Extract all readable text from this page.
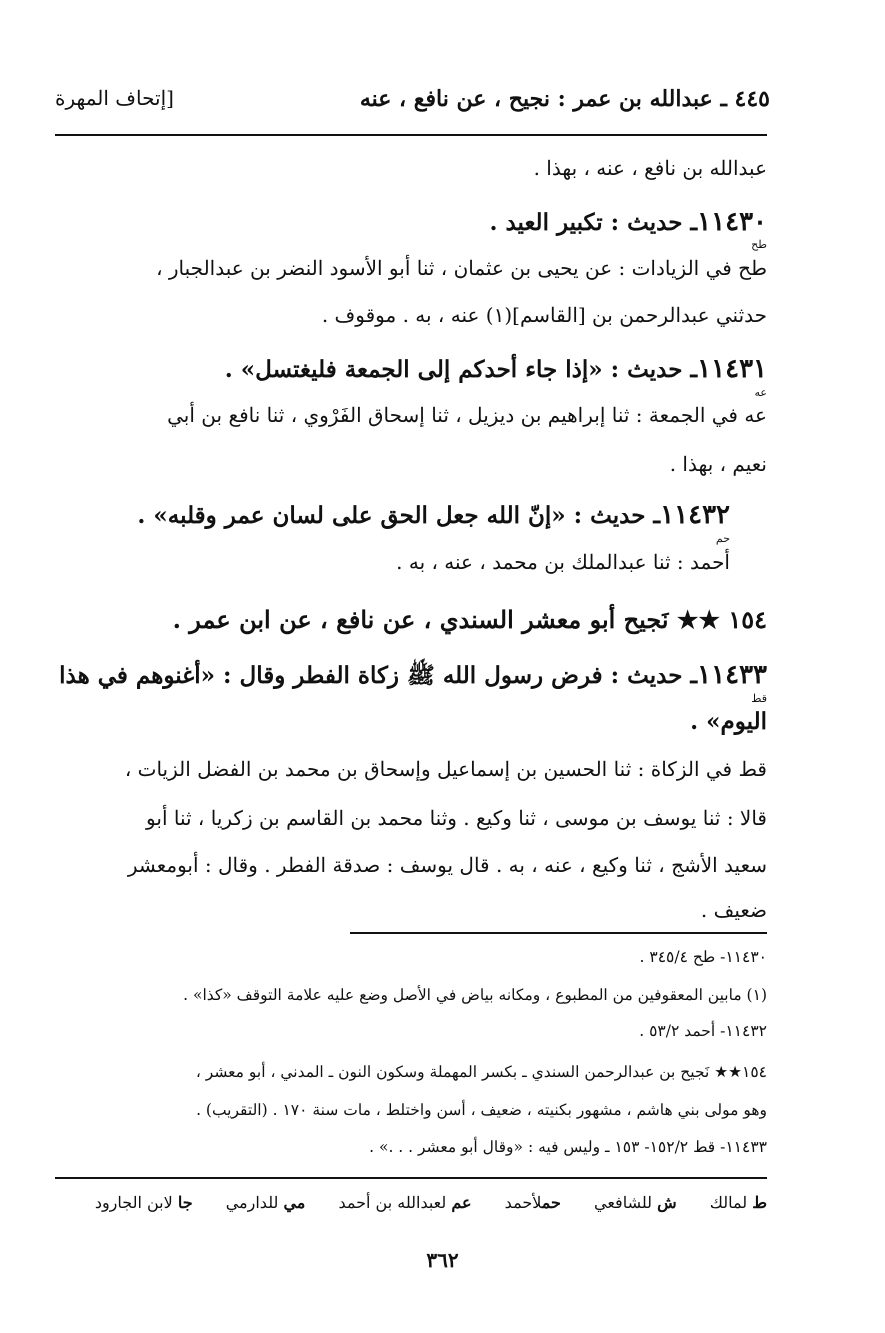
٤٤٥ ـ عبدالله بن عمر : نجيح ، عن نافع ، عنه
[إتحاف المهرة
عبدالله بن نافع ، عنه ، بهذا .
١١٤٣٠ـ حديث : تكبير العيد .
طح
طح في الزيادات : عن يحيى بن عثمان ، ثنا أبو الأسود النضر بن عبدالجبار ،
حدثني عبدالرحمن بن [القاسم](١) عنه ، به . موقوف .
١١٤٣١ـ حديث : «إذا جاء أحدكم إلى الجمعة فليغتسل» .
عه
عه في الجمعة : ثنا إبراهيم بن ديزيل ، ثنا إسحاق الفَرْوي ، ثنا نافع بن أبي
نعيم ، بهذا .
١١٤٣٢ـ حديث : «إنّ الله جعل الحق على لسان عمر وقلبه» .
حم
أحمد : ثنا عبدالملك بن محمد ، عنه ، به .
١٥٤ ★★ نَجيح أبو معشر السندي ، عن نافع ، عن ابن عمر .
١١٤٣٣ـ حديث : فرض رسول الله ﷺ زكاة الفطر وقال : «أغنوهم في هذا
قط
اليوم» .
قط في الزكاة : ثنا الحسين بن إسماعيل وإسحاق بن محمد بن الفضل الزيات ،
قالا : ثنا يوسف بن موسى ، ثنا وكيع . وثنا محمد بن القاسم بن زكريا ، ثنا أبو
سعيد الأشج ، ثنا وكيع ، عنه ، به . قال يوسف : صدقة الفطر . وقال : أبومعشر
ضعيف .
١١٤٣٠- طح ٣٤٥/٤ .
(١) مابين المعقوفين من المطبوع ، ومكانه بياض في الأصل وضع عليه علامة التوقف «كذا» .
١١٤٣٢- أحمد ٥٣/٢ .
١٥٤★★ نَجيح بن عبدالرحمن السندي ـ بكسر المهملة وسكون النون ـ المدني ، أبو معشر ،
وهو مولى بني هاشم ، مشهور بكنيته ، ضعيف ، أسن واختلط ، مات سنة ١٧٠ . (التقريب) .
١١٤٣٣- قط ١٥٢/٢- ١٥٣ ـ وليس فيه : «وقال أبو معشر . . .» .
ط لمالك ش للشافعي حملأحمد عم لعبدالله بن أحمد مي للدارمي جا لابن الجارود
٣٦٢
